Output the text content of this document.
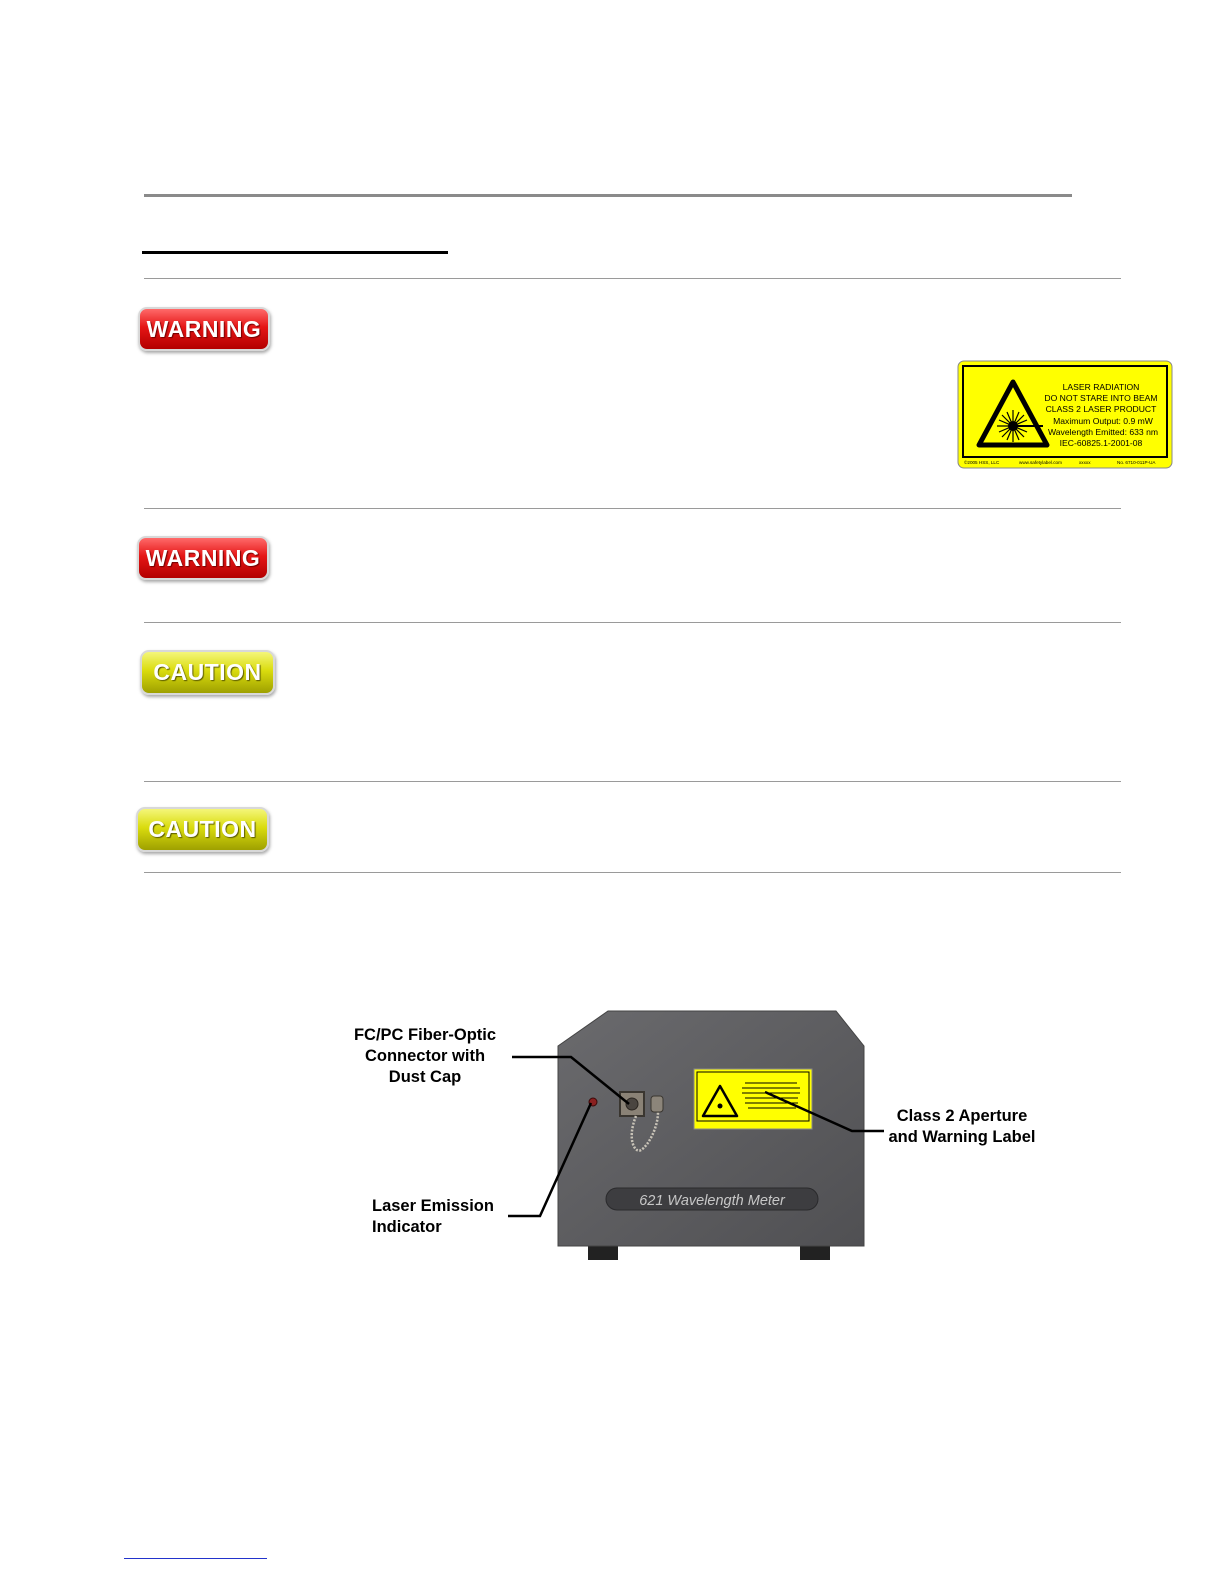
WARNING
WARNING
CAUTION
CAUTION
LASER RADIATION
DO NOT STARE INTO BEAM
CLASS 2 LASER PRODUCT
Maximum Output: 0.9 mW
Wavelength Emitted: 633 nm
IEC-60825.1-2001-08
©2005 HSS, LLC	www.safetylabel.com	xxxxx	No. 6710-011P-UA
621 Wavelength Meter
FC/PC Fiber-Optic
Connector with
Dust Cap
Class 2 Aperture
and Warning Label
Laser Emission
Indicator
